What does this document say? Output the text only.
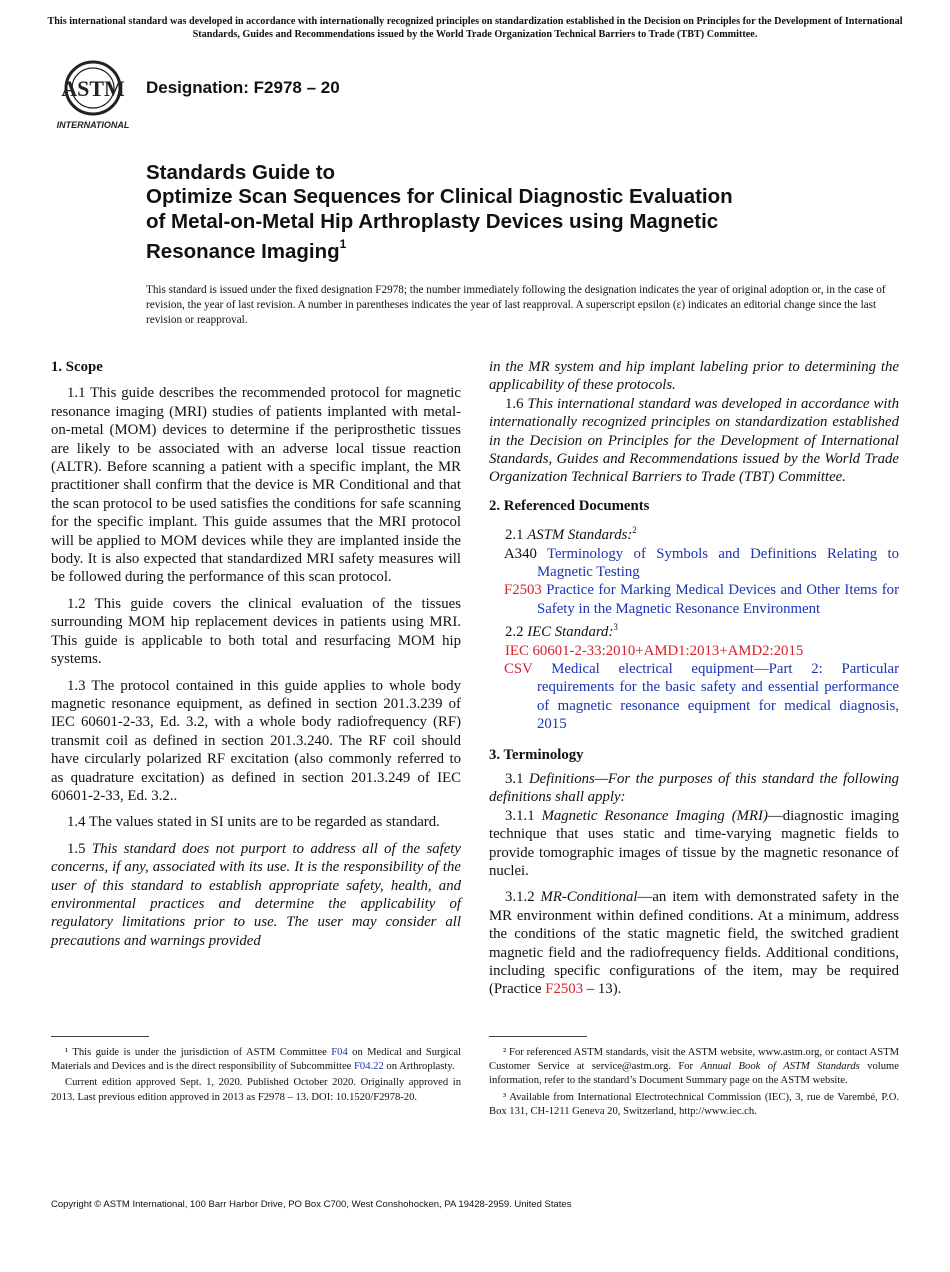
This international standard was developed in accordance with internationally recognized principles on standardization established in the Decision on Principles for the Development of International Standards, Guides and Recommendations issued by the World Trade Organization Technical Barriers to Trade (TBT) Committee.
ASTM
INTERNATIONAL
Designation: F2978 – 20
Standards Guide to
Optimize Scan Sequences for Clinical Diagnostic Evaluation
of Metal-on-Metal Hip Arthroplasty Devices using Magnetic
Resonance Imaging$^1$
This standard is issued under the fixed designation F2978; the number immediately following the designation indicates the year of original adoption or, in the case of revision, the year of last revision. A number in parentheses indicates the year of last reapproval. A superscript epsilon (ε) indicates an editorial change since the last revision or reapproval.

1. Scope

1.1 This guide describes the recommended protocol for magnetic resonance imaging (MRI) studies of patients implanted with metal-on-metal (MOM) devices to determine if the periprosthetic tissues are likely to be associated with an adverse local tissue reaction (ALTR). Before scanning a patient with a specific implant, the MR practitioner shall confirm that the device is MR Conditional and that the scan protocol to be used satisfies the conditions for safe scanning for the specific implant. This guide assumes that the MRI protocol will be applied to MOM devices while they are implanted inside the body. It is also expected that standardized MRI safety measures will be followed during the performance of this scan protocol.

1.2 This guide covers the clinical evaluation of the tissues surrounding MOM hip replacement devices in patients using MRI. This guide is applicable to both total and resurfacing MOM hip systems.

1.3 The protocol contained in this guide applies to whole body magnetic resonance equipment, as defined in section 201.3.239 of IEC 60601-2-33, Ed. 3.2, with a whole body radiofrequency (RF) transmit coil as defined in section 201.3.240. The RF coil should have circularly polarized RF excitation (also commonly referred to as quadrature excitation) as defined in section 201.3.249 of IEC 60601-2-33, Ed. 3.2..

1.4 The values stated in SI units are to be regarded as standard.

1.5 This standard does not purport to address all of the safety concerns, if any, associated with its use. It is the responsibility of the user of this standard to establish appropriate safety, health, and environmental practices and determine the applicability of regulatory limitations prior to use. The user may consider all precautions and warnings provided

in the MR system and hip implant labeling prior to determining the applicability of these protocols.

1.6 This international standard was developed in accordance with internationally recognized principles on standardization established in the Decision on Principles for the Development of International Standards, Guides and Recommendations issued by the World Trade Organization Technical Barriers to Trade (TBT) Committee.

2. Referenced Documents

2.1 ASTM Standards:$^2$

A340 Terminology of Symbols and Definitions Relating to Magnetic Testing

F2503 Practice for Marking Medical Devices and Other Items for Safety in the Magnetic Resonance Environment

2.2 IEC Standard:$^3$

IEC 60601-2-33:2010+AMD1:2013+AMD2:2015

CSV Medical electrical equipment—Part 2: Particular requirements for the basic safety and essential performance of magnetic resonance equipment for medical diagnosis, 2015

3. Terminology

3.1 Definitions—For the purposes of this standard the following definitions shall apply:

3.1.1 Magnetic Resonance Imaging (MRI)—diagnostic imaging technique that uses static and time-varying magnetic fields to provide tomographic images of tissue by the magnetic resonance of nuclei.

3.1.2 MR-Conditional—an item with demonstrated safety in the MR environment within defined conditions. At a minimum, address the conditions of the static magnetic field, the switched gradient magnetic field and the radiofrequency fields. Additional conditions, including specific configurations of the item, may be required (Practice F2503 – 13).

¹ This guide is under the jurisdiction of ASTM Committee F04 on Medical and Surgical Materials and Devices and is the direct responsibility of Subcommittee F04.22 on Arthroplasty.

Current edition approved Sept. 1, 2020. Published October 2020. Originally approved in 2013. Last previous edition approved in 2013 as F2978 – 13. DOI: 10.1520/F2978-20.

² For referenced ASTM standards, visit the ASTM website, www.astm.org, or contact ASTM Customer Service at service@astm.org. For Annual Book of ASTM Standards volume information, refer to the standard’s Document Summary page on the ASTM website.

³ Available from International Electrotechnical Commission (IEC), 3, rue de Varembé, P.O. Box 131, CH-1211 Geneva 20, Switzerland, http://www.iec.ch.

Copyright © ASTM International, 100 Barr Harbor Drive, PO Box C700, West Conshohocken, PA 19428-2959. United States
